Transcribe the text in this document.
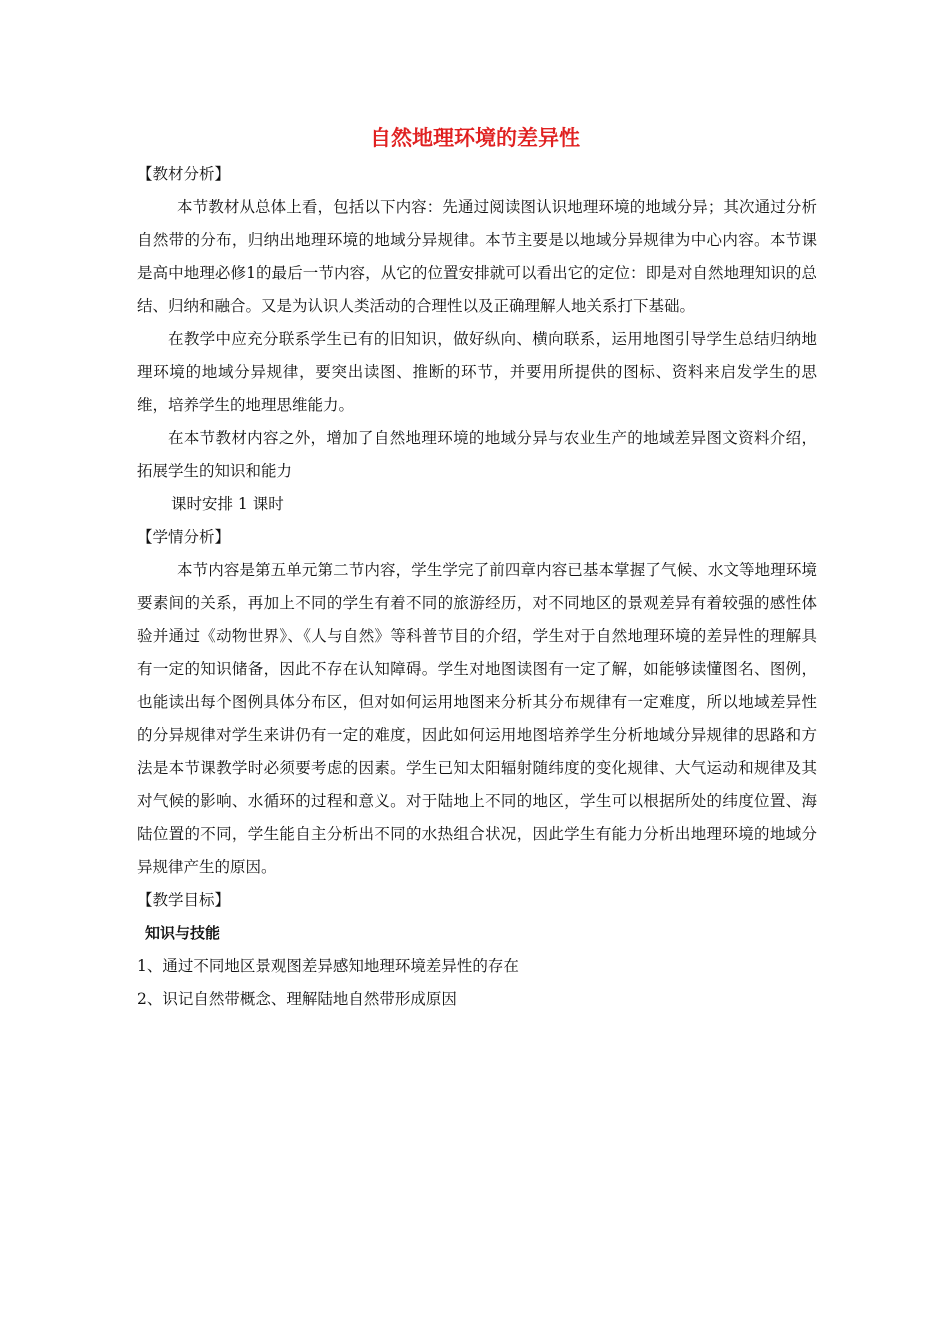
自然地理环境的差异性

【教材分析】

本节教材从总体上看，包括以下内容：先通过阅读图认识地理环境的地域分异；其次通过分析自然带的分布，归纳出地理环境的地域分异规律。本节主要是以地域分异规律为中心内容。本节课是高中地理必修1的最后一节内容，从它的位置安排就可以看出它的定位：即是对自然地理知识的总结、归纳和融合。又是为认识人类活动的合理性以及正确理解人地关系打下基础。

在教学中应充分联系学生已有的旧知识，做好纵向、横向联系，运用地图引导学生总结归纳地理环境的地域分异规律，要突出读图、推断的环节，并要用所提供的图标、资料来启发学生的思维，培养学生的地理思维能力。

在本节教材内容之外，增加了自然地理环境的地域分异与农业生产的地域差异图文资料介绍，拓展学生的知识和能力

课时安排 1 课时

【学情分析】

本节内容是第五单元第二节内容，学生学完了前四章内容已基本掌握了气候、水文等地理环境要素间的关系，再加上不同的学生有着不同的旅游经历，对不同地区的景观差异有着较强的感性体验并通过《动物世界》、《人与自然》等科普节目的介绍，学生对于自然地理环境的差异性的理解具有一定的知识储备，因此不存在认知障碍。学生对地图读图有一定了解，如能够读懂图名、图例，也能读出每个图例具体分布区，但对如何运用地图来分析其分布规律有一定难度，所以地域差异性的分异规律对学生来讲仍有一定的难度，因此如何运用地图培养学生分析地域分异规律的思路和方法是本节课教学时必须要考虑的因素。学生已知太阳辐射随纬度的变化规律、大气运动和规律及其对气候的影响、水循环的过程和意义。对于陆地上不同的地区，学生可以根据所处的纬度位置、海陆位置的不同，学生能自主分析出不同的水热组合状况，因此学生有能力分析出地理环境的地域分异规律产生的原因。

【教学目标】

知识与技能

1、通过不同地区景观图差异感知地理环境差异性的存在

2、识记自然带概念、理解陆地自然带形成原因
